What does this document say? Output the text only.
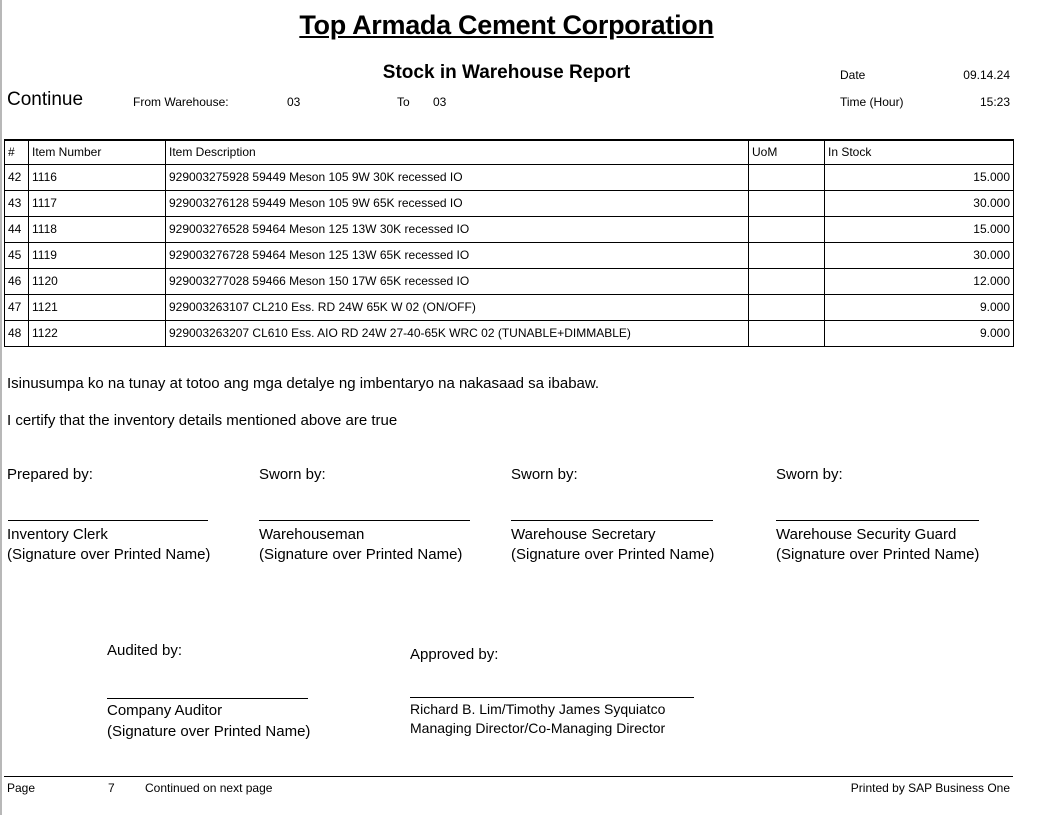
Top Armada Cement Corporation
Stock in Warehouse Report
Continue	From Warehouse:	03	To 03
Date	09.14.24
Time (Hour)	15:23
#	Item Number	Item Description	UoM	In Stock
42	1116	929003275928 59449 Meson 105 9W 30K recessed IO		15.000
43	1117	929003276128 59449 Meson 105 9W 65K recessed IO		30.000
44	1118	929003276528 59464 Meson 125 13W 30K recessed IO		15.000
45	1119	929003276728 59464 Meson 125 13W 65K recessed IO		30.000
46	1120	929003277028 59466 Meson 150 17W 65K recessed IO		12.000
47	1121	929003263107 CL210 Ess. RD 24W 65K W 02 (ON/OFF)		9.000
48	1122	929003263207 CL610 Ess. AIO RD 24W 27-40-65K WRC 02 (TUNABLE+DIMMABLE)		9.000
Isinusumpa ko na tunay at totoo ang mga detalye ng imbentaryo na nakasaad sa ibabaw.
I certify that the inventory details mentioned above are true
Prepared by:
Inventory Clerk
(Signature over Printed Name)
Sworn by:
Warehouseman
(Signature over Printed Name)
Sworn by:
Warehouse Secretary
(Signature over Printed Name)
Sworn by:
Warehouse Security Guard
(Signature over Printed Name)
Audited by:
Company Auditor
(Signature over Printed Name)
Approved by:
Richard B. Lim/Timothy James Syquiatco
Managing Director/Co-Managing Director
Page	7	Continued on next page	Printed by SAP Business One
